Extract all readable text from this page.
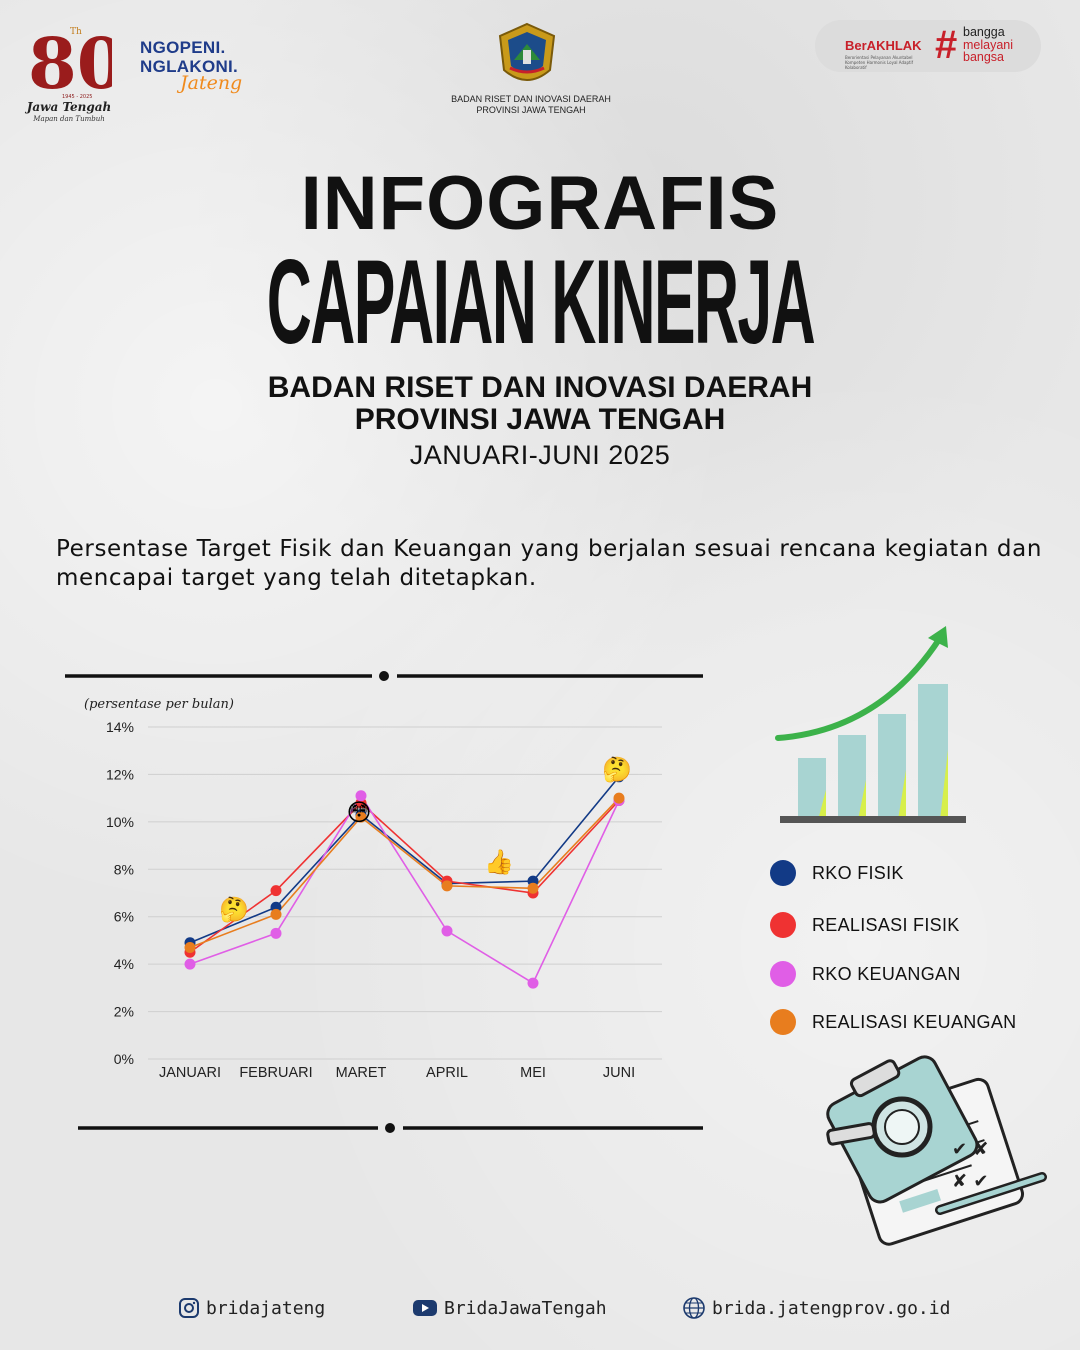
80
Th
1945 - 2025
Jawa Tengah
Mapan dan Tumbuh
NGOPENI.
NGLAKONI.
Jateng
BADAN RISET DAN INOVASI DAERAH
PROVINSI JAWA TENGAH
BerAKHLAK
Berorientasi Pelayanan Akuntabel Kompeten Harmonis Loyal Adaptif Kolaboratif
# bangga
melayani
bangsa
INFOGRAFIS
CAPAIAN KINERJA
BADAN RISET DAN INOVASI DAERAH
PROVINSI JAWA TENGAH
JANUARI-JUNI 2025
Persentase Target Fisik dan Keuangan yang berjalan sesuai rencana kegiatan dan mencapai target yang telah ditetapkan.
(persentase per bulan)
0%
2%
4%
6%
8%
10%
12%
14%
JANUARI FEBRUARI MARET	APRIL	MEI	JUNI
🤔
😳
👍
🤔
RKO FISIK
REALISASI FISIK
RKO KEUANGAN
REALISASI KEUANGAN
✔ ✘
✘ ✔
bridajateng	BridaJawaTengah	brida.jatengprov.go.id
